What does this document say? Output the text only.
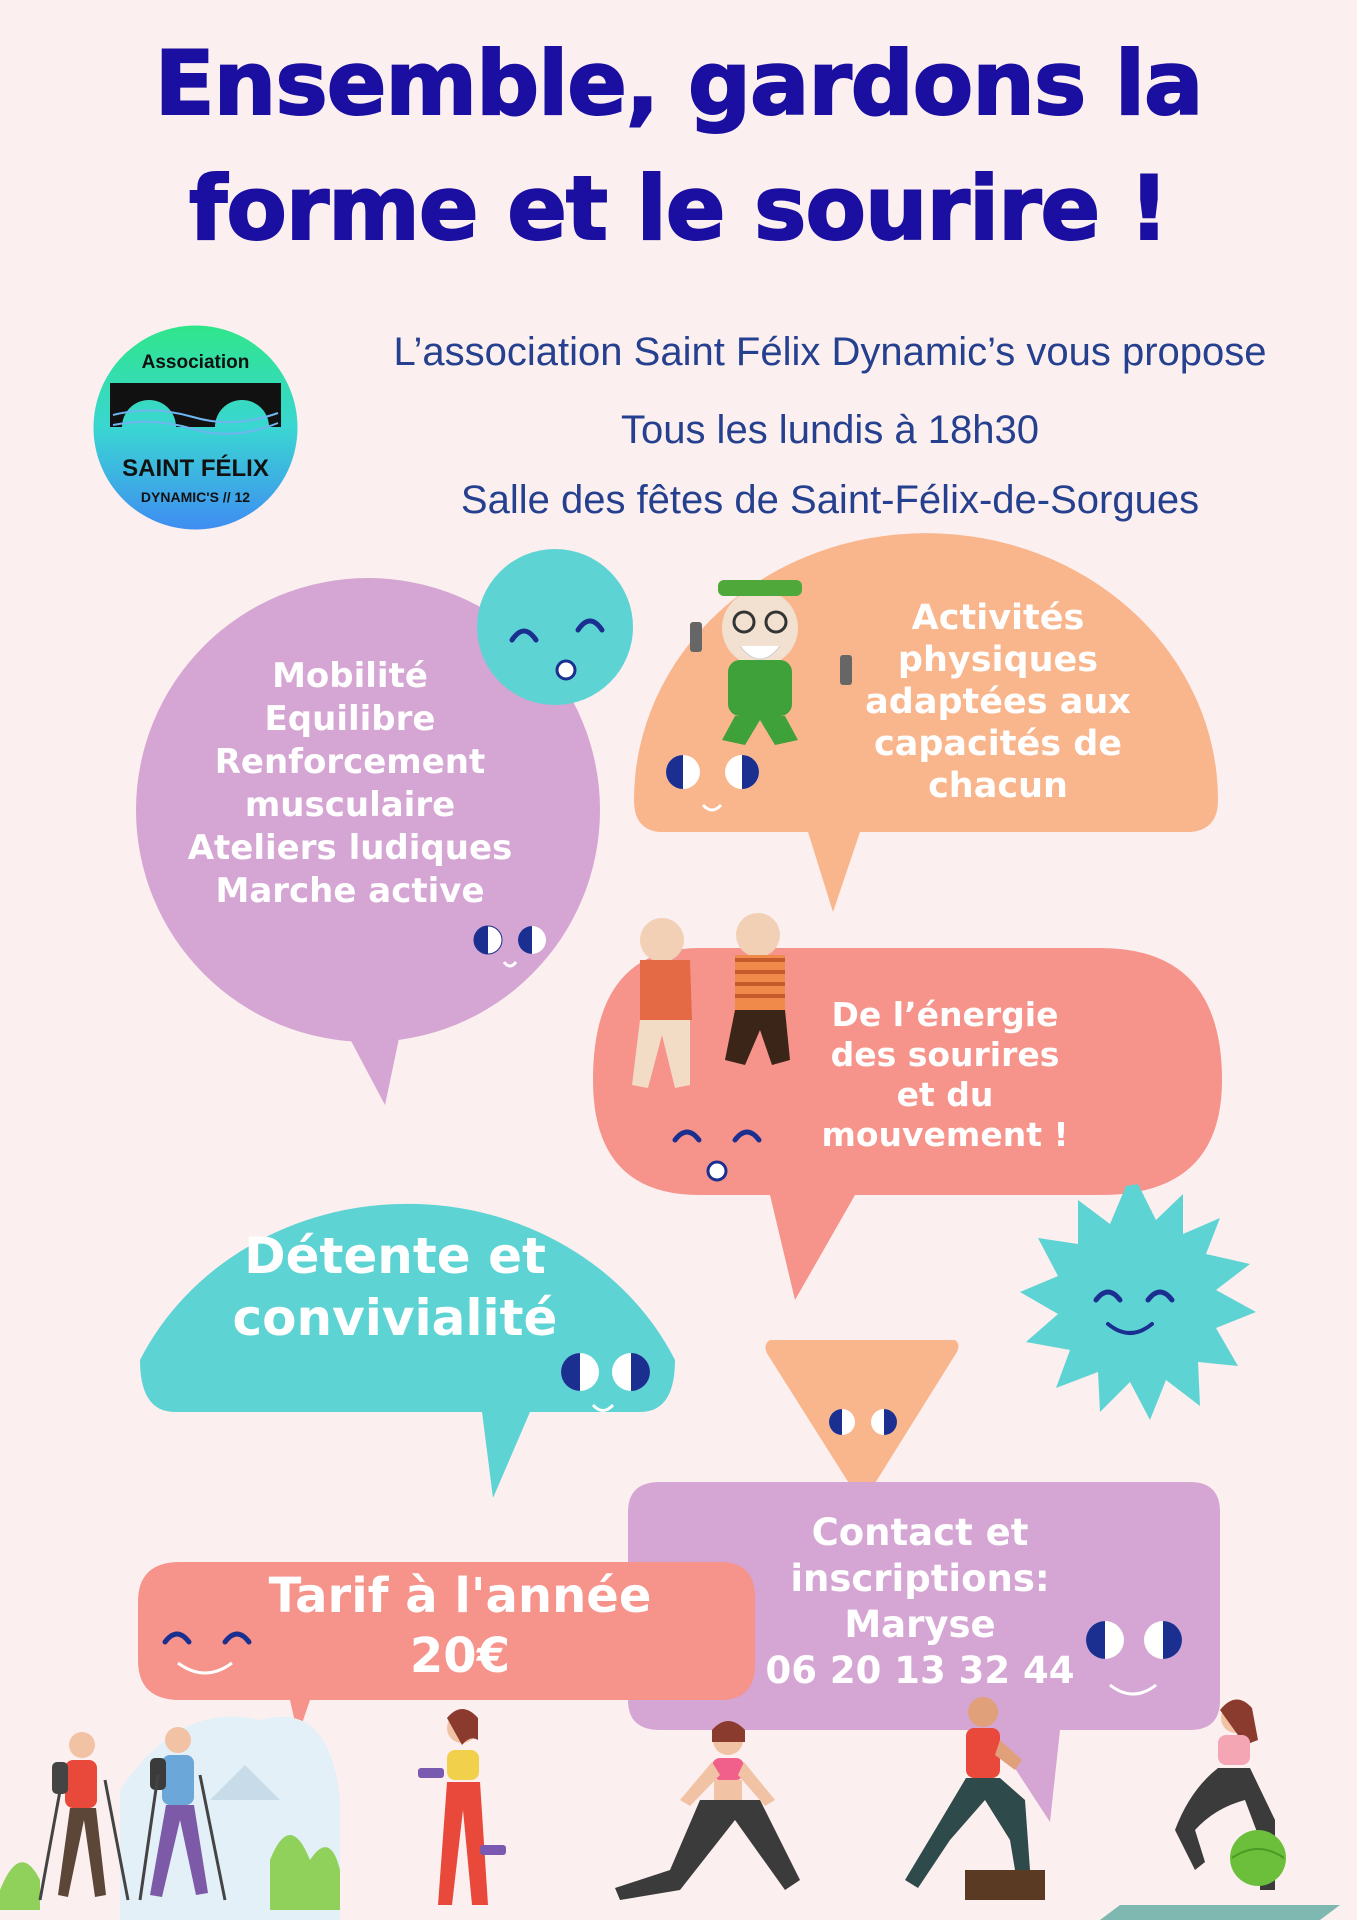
Ensemble, gardons la
forme et le sourire !
Association
SAINT FÉLIX
DYNAMIC'S // 12
L’association Saint Félix Dynamic’s vous propose
Tous les lundis à 18h30
Salle des fêtes de Saint-Félix-de-Sorgues
Mobilité
Equilibre
Renforcement
musculaire
Ateliers ludiques
Marche active
Activités
physiques
adaptées aux
capacités de
chacun
De l’énergie
des sourires
et du
mouvement !
Détente et
convivialité
Contact et
inscriptions:
Maryse
06 20 13 32 44
Tarif à l'année
20€
